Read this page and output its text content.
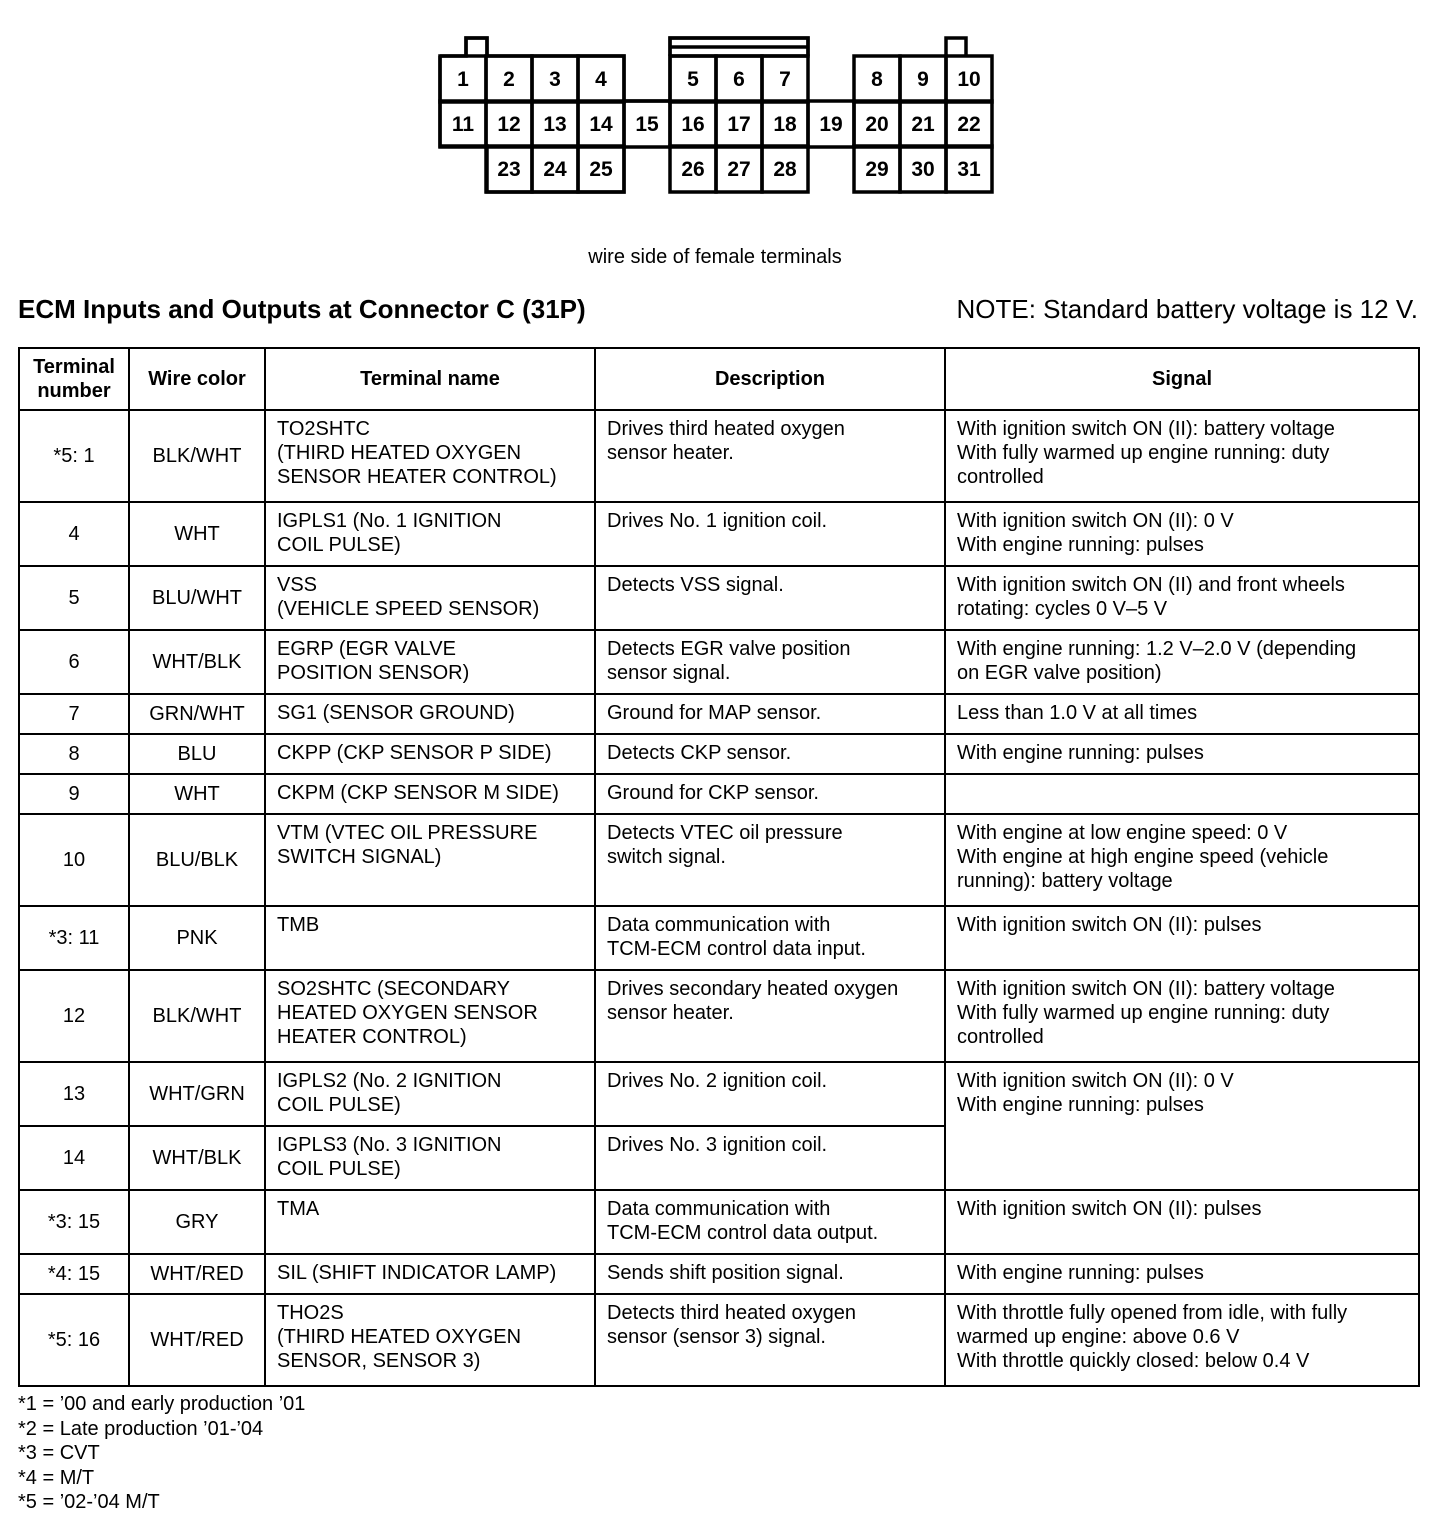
1 2 3 4	5 6 7	8 9 10
11 12 13 14 15 16 17 18 19 20 21 22
23 24 25	26 27 28	29 30 31
wire side of female terminals
ECM Inputs and Outputs at Connector C (31P)	NOTE: Standard battery voltage is 12 V.
Terminal number	Wire color	Terminal name	Description	Signal
*5: 1	BLK/WHT	TO2SHTC
(THIRD HEATED OXYGEN
SENSOR HEATER CONTROL)	Drives third heated oxygen
sensor heater.	With ignition switch ON (II): battery voltage
With fully warmed up engine running: duty
controlled
4	WHT	IGPLS1 (No. 1 IGNITION
COIL PULSE)	Drives No. 1 ignition coil.	With ignition switch ON (II): 0 V
With engine running: pulses
5	BLU/WHT	VSS
(VEHICLE SPEED SENSOR)	Detects VSS signal.	With ignition switch ON (II) and front wheels
rotating: cycles 0 V–5 V
6	WHT/BLK	EGRP (EGR VALVE
POSITION SENSOR)	Detects EGR valve position
sensor signal.	With engine running: 1.2 V–2.0 V (depending
on EGR valve position)
7	GRN/WHT	SG1 (SENSOR GROUND)	Ground for MAP sensor.	Less than 1.0 V at all times
8	BLU	CKPP (CKP SENSOR P SIDE)	Detects CKP sensor.	With engine running: pulses
9	WHT	CKPM (CKP SENSOR M SIDE)	Ground for CKP sensor.	
10	BLU/BLK	VTM (VTEC OIL PRESSURE
SWITCH SIGNAL)	Detects VTEC oil pressure
switch signal.	With engine at low engine speed: 0 V
With engine at high engine speed (vehicle
running): battery voltage
*3: 11	PNK	TMB	Data communication with
TCM-ECM control data input.	With ignition switch ON (II): pulses
12	BLK/WHT	SO2SHTC (SECONDARY
HEATED OXYGEN SENSOR
HEATER CONTROL)	Drives secondary heated oxygen
sensor heater.	With ignition switch ON (II): battery voltage
With fully warmed up engine running: duty
controlled
13	WHT/GRN	IGPLS2 (No. 2 IGNITION
COIL PULSE)	Drives No. 2 ignition coil.	With ignition switch ON (II): 0 V
With engine running: pulses
14	WHT/BLK	IGPLS3 (No. 3 IGNITION
COIL PULSE)	Drives No. 3 ignition coil.	
*3: 15	GRY	TMA	Data communication with
TCM-ECM control data output.	With ignition switch ON (II): pulses
*4: 15	WHT/RED	SIL (SHIFT INDICATOR LAMP)	Sends shift position signal.	With engine running: pulses
*5: 16	WHT/RED	THO2S
(THIRD HEATED OXYGEN
SENSOR, SENSOR 3)	Detects third heated oxygen
sensor (sensor 3) signal.	With throttle fully opened from idle, with fully
warmed up engine: above 0.6 V
With throttle quickly closed: below 0.4 V
*1 = ’00 and early production ’01
*2 = Late production ’01-’04
*3 = CVT
*4 = M/T
*5 = ’02-’04 M/T
